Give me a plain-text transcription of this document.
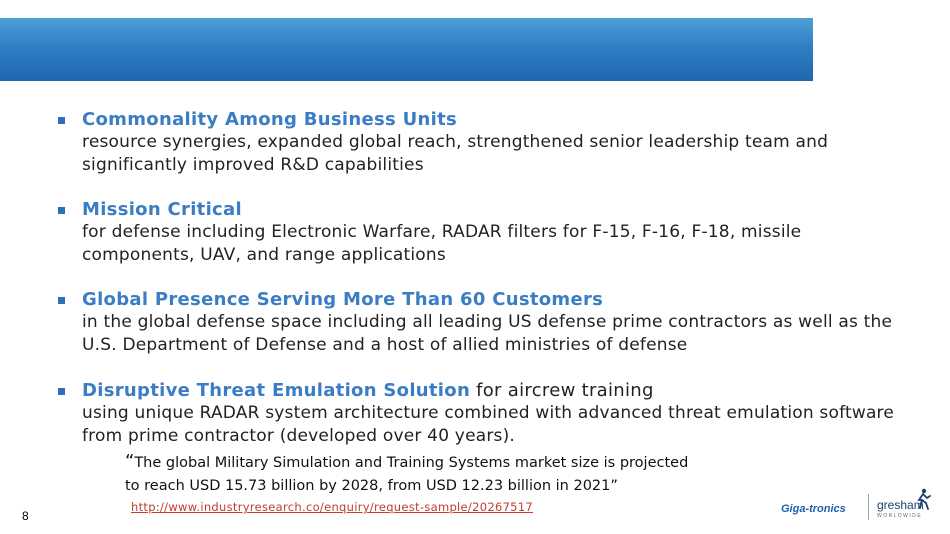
Commonality Among Business Units
resource synergies, expanded global reach, strengthened senior leadership team and significantly improved R&D capabilities
Mission Critical
for defense including Electronic Warfare, RADAR filters for F-15, F-16, F-18, missile components, UAV, and range applications
Global Presence Serving More Than 60 Customers
in the global defense space including all leading US defense prime contractors as well as the U.S. Department of Defense and a host of allied ministries of defense
Disruptive Threat Emulation Solution for aircrew training
using unique RADAR system architecture combined with advanced threat emulation software from prime contractor (developed over 40 years).
“The global Military Simulation and Training Systems market size is projected
to reach USD 15.73 billion by 2028, from USD 12.23 billion in 2021”
http://www.industryresearch.co/enquiry/request-sample/20267517
8	Giga-tronics	gresham
WORLDWIDE
